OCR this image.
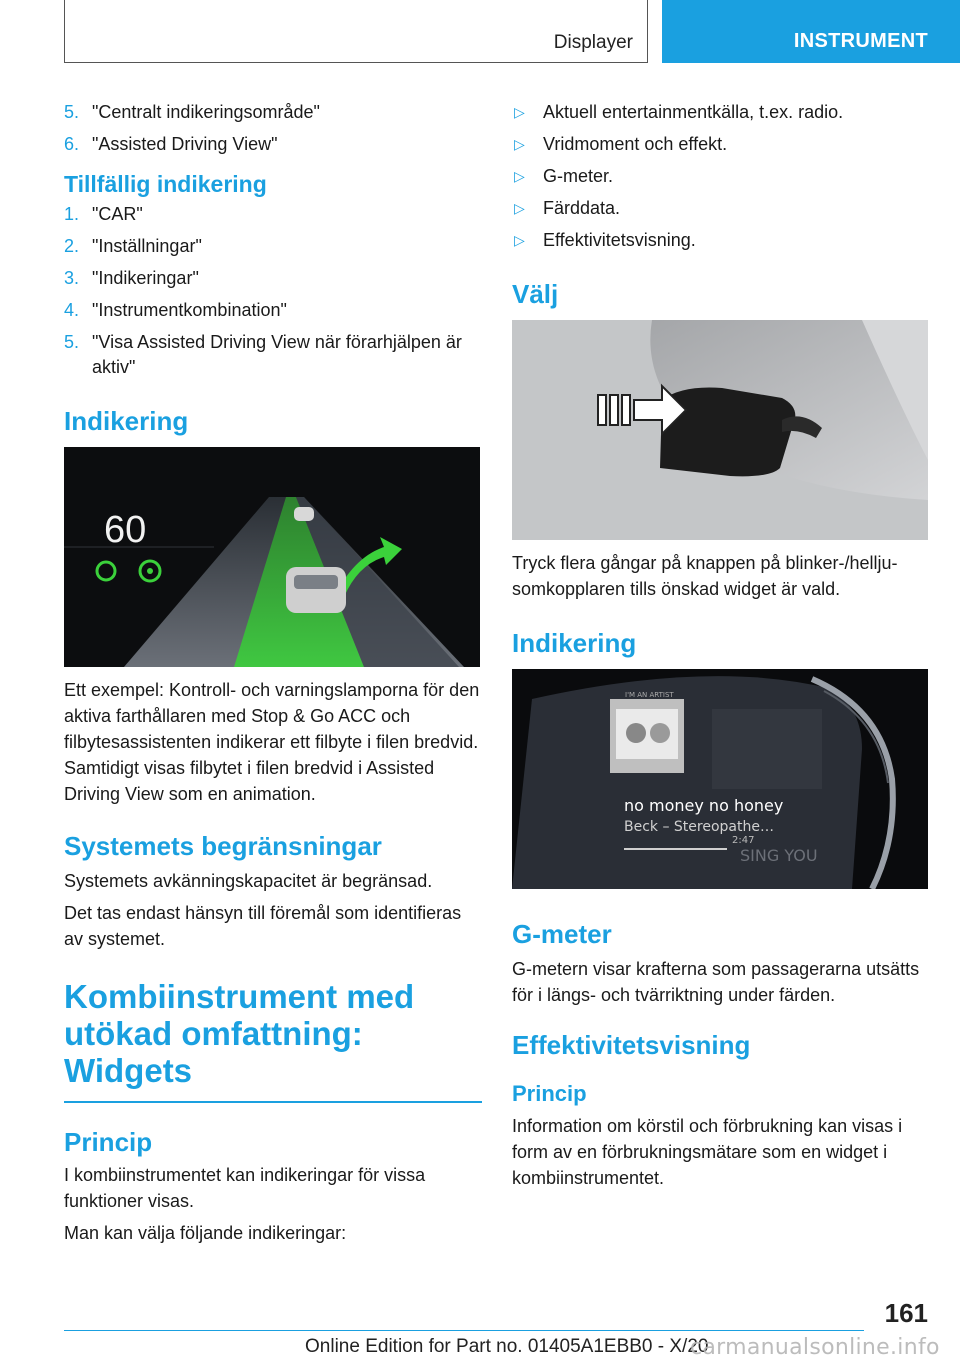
Displayer	INSTRUMENT
5. "Centralt indikeringsområde"
6. "Assisted Driving View"
Tillfällig indikering
1. "CAR"
2. "Inställningar"
3. "Indikeringar"
4. "Instrumentkombination"
5. "Visa Assisted Driving View när förarhjälpen är aktiv"
Indikering
60

Ett exempel: Kontroll- och varningslamporna för den aktiva farthållaren med Stop & Go ACC och filbytesassistenten indikerar ett filbyte i filen bredvid. Samtidigt visas filbytet i filen bredvid i Assisted Driving View som en animation.

Systemets begränsningar

Systemets avkänningskapacitet är begränsad.

Det tas endast hänsyn till föremål som identifieras av systemet.

Kombiinstrument med utökad omfattning: Widgets
Princip

I kombiinstrumentet kan indikeringar för vissa funktioner visas.

Man kan välja följande indikeringar:

▷	Aktuell entertainmentkälla, t.ex. radio.
▷	Vridmoment och effekt.
▷	G-meter.
▷	Färddata.
▷	Effektivitetsvisning.
Välj

Tryck flera gångar på knappen på blinker-/helljusomkopplaren tills önskad widget är vald.

Indikering
I'M AN ARTIST
no money no honey
Beck – Stereopathe…
2:47
SING YOU
G-meter

G-metern visar krafterna som passagerarna utsätts för i längs- och tvärriktning under färden.

Effektivitetsvisning
Princip

Information om körstil och förbrukning kan visas i form av en förbrukningsmätare som en widget i kombiinstrumentet.

161
Online Edition for Part no. 01405A1EBB0 - X/20
carmanualsonline.info
